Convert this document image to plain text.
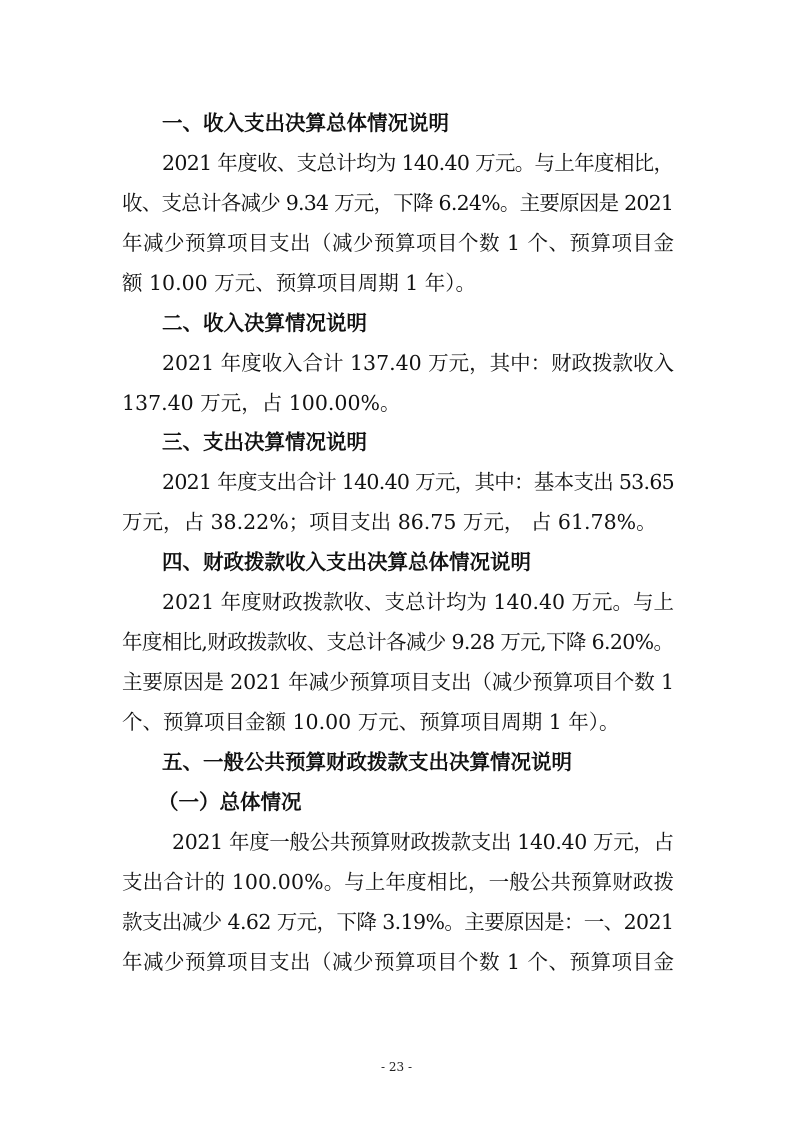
一、收入支出决算总体情况说明
2021 年度收、支总计均为 140.40 万元。与上年度相比，
收、支总计各减少 9.34 万元，下降 6.24%。主要原因是 2021
年减少预算项目支出（减少预算项目个数 1 个、预算项目金
额 10.00 万元、预算项目周期 1 年）。
二、收入决算情况说明
2021 年度收入合计 137.40 万元，其中：财政拨款收入
137.40 万元，占 100.00%。
三、支出决算情况说明
2021 年度支出合计 140.40 万元，其中：基本支出 53.65
万元，占 38.22%；项目支出 86.75 万元， 占 61.78%。
四、财政拨款收入支出决算总体情况说明
2021 年度财政拨款收、支总计均为 140.40 万元。与上
年度相比,财政拨款收、支总计各减少 9.28 万元,下降 6.20%。
主要原因是 2021 年减少预算项目支出（减少预算项目个数 1
个、预算项目金额 10.00 万元、预算项目周期 1 年）。
五、一般公共预算财政拨款支出决算情况说明
（一）总体情况
2021 年度一般公共预算财政拨款支出 140.40 万元，占
支出合计的 100.00%。与上年度相比，一般公共预算财政拨
款支出减少 4.62 万元，下降 3.19%。主要原因是：一、2021
年减少预算项目支出（减少预算项目个数 1 个、预算项目金
- 23 -
